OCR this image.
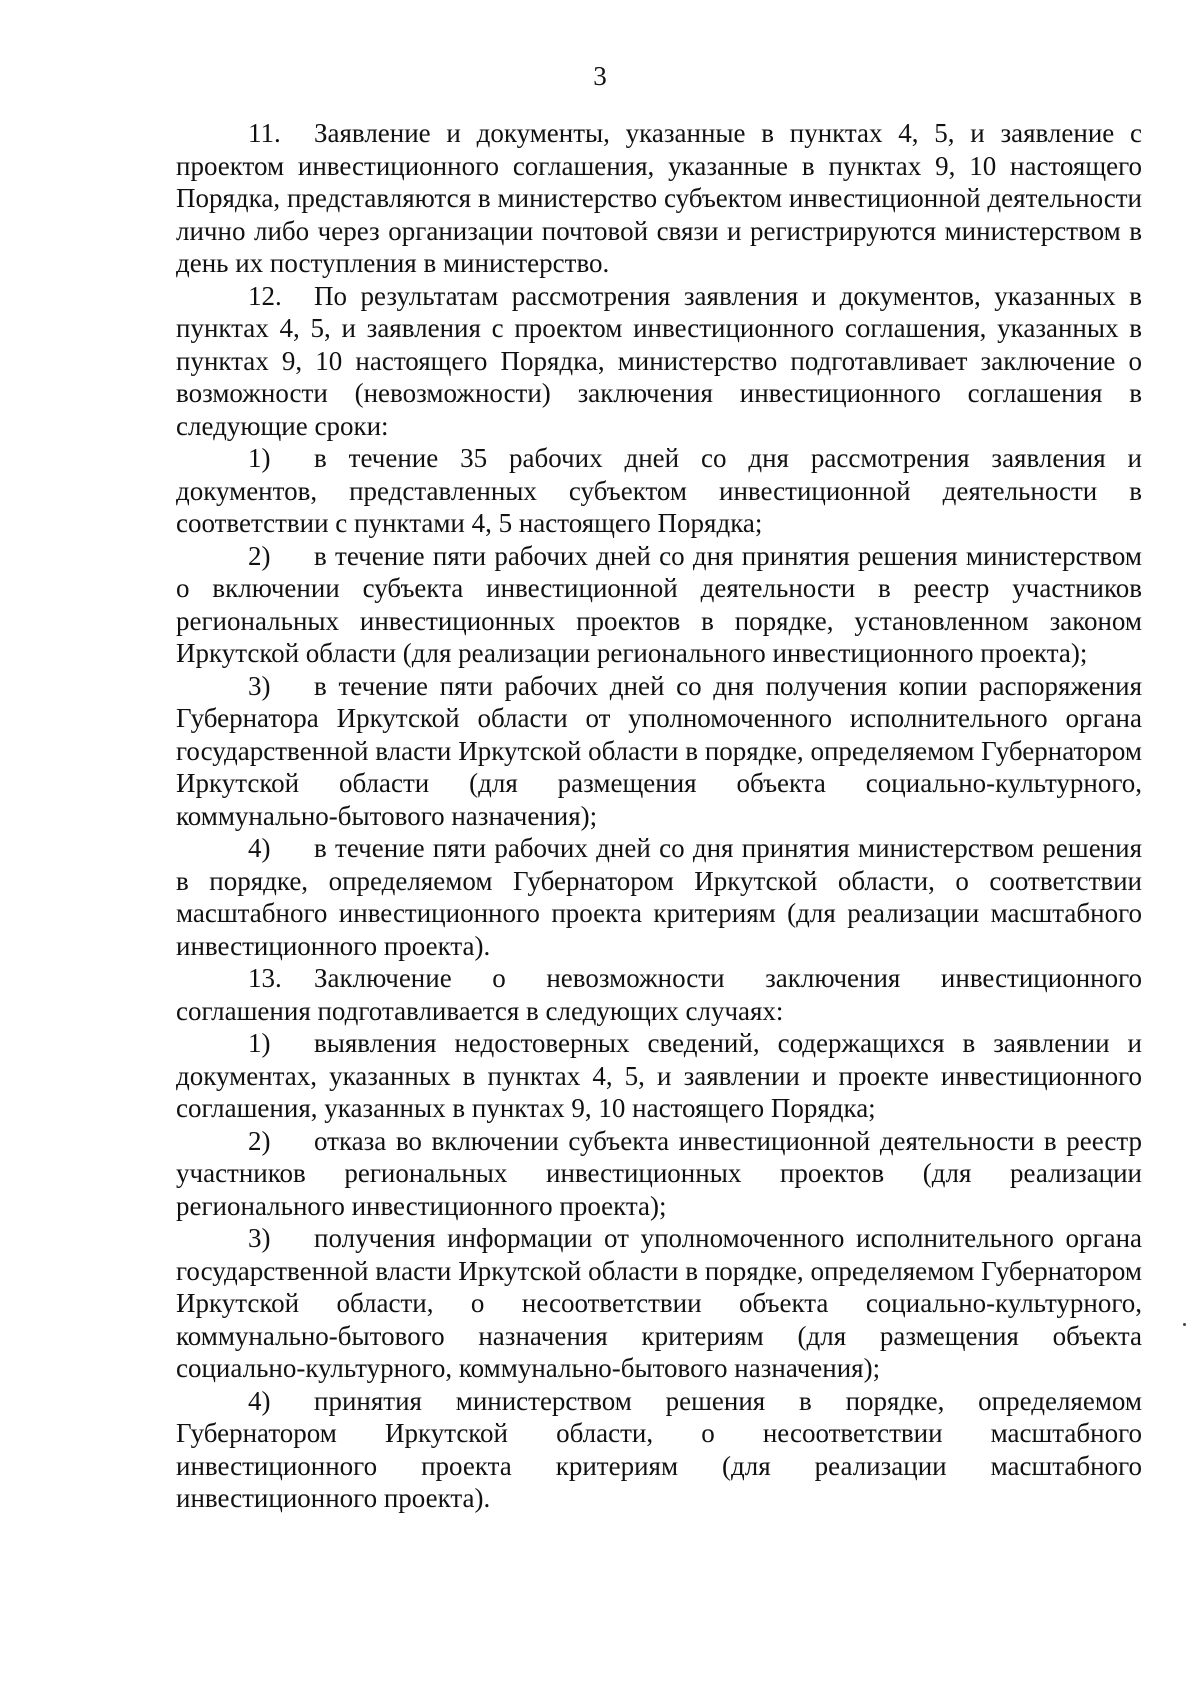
3

11. Заявление и документы, указанные в пунктах 4, 5, и заявление с проектом инвестиционного соглашения, указанные в пунктах 9, 10 настоящего Порядка, представляются в министерство субъектом инвестиционной деятельности лично либо через организации почтовой связи и регистрируются министерством в день их поступления в министерство.

12. По результатам рассмотрения заявления и документов, указанных в пунктах 4, 5, и заявления с проектом инвестиционного соглашения, указанных в пунктах 9, 10 настоящего Порядка, министерство подготавливает заключение о возможности (невозможности) заключения инвестиционного соглашения в следующие сроки:

1) в течение 35 рабочих дней со дня рассмотрения заявления и документов, представленных субъектом инвестиционной деятельности в соответствии с пунктами 4, 5 настоящего Порядка;

2) в течение пяти рабочих дней со дня принятия решения министерством о включении субъекта инвестиционной деятельности в реестр участников региональных инвестиционных проектов в порядке, установленном законом Иркутской области (для реализации регионального инвестиционного проекта);

3) в течение пяти рабочих дней со дня получения копии распоряжения Губернатора Иркутской области от уполномоченного исполнительного органа государственной власти Иркутской области в порядке, определяемом Губернатором Иркутской области (для размещения объекта социально-культурного, коммунально-бытового назначения);

4) в течение пяти рабочих дней со дня принятия министерством решения в порядке, определяемом Губернатором Иркутской области, о соответствии масштабного инвестиционного проекта критериям (для реализации масштабного инвестиционного проекта).

13. Заключение о невозможности заключения инвестиционного соглашения подготавливается в следующих случаях:

1) выявления недостоверных сведений, содержащихся в заявлении и документах, указанных в пунктах 4, 5, и заявлении и проекте инвестиционного соглашения, указанных в пунктах 9, 10 настоящего Порядка;

2) отказа во включении субъекта инвестиционной деятельности в реестр участников региональных инвестиционных проектов (для реализации регионального инвестиционного проекта);

3) получения информации от уполномоченного исполнительного органа государственной власти Иркутской области в порядке, определяемом Губернатором Иркутской области, о несоответствии объекта социально-культурного, коммунально-бытового назначения критериям (для размещения объекта социально-культурного, коммунально-бытового назначения);

4) принятия министерством решения в порядке, определяемом Губернатором Иркутской области, о несоответствии масштабного инвестиционного проекта критериям (для реализации масштабного инвестиционного проекта).
